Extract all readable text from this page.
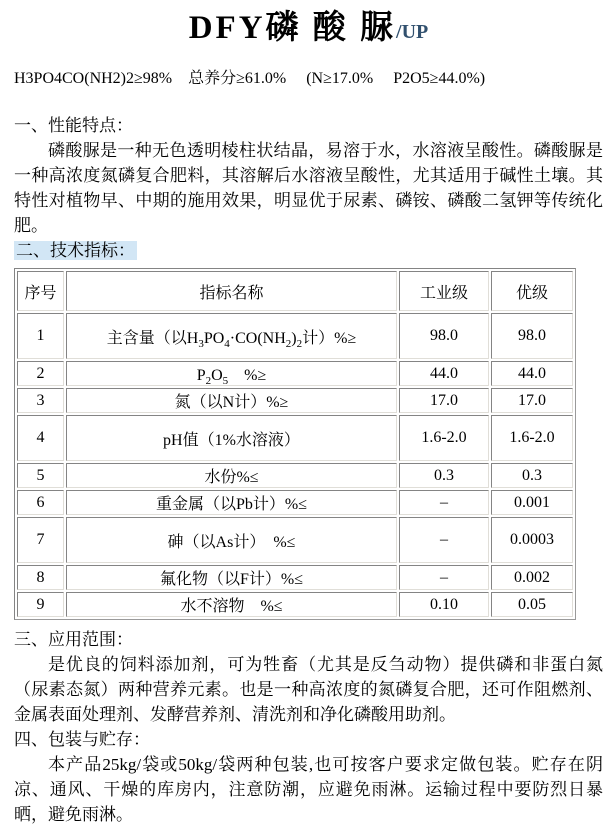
DFY磷 酸 脲/UP

H3PO4CO(NH2)2≥98%　总养分≥61.0%　 (N≥17.0%　 P2O5≥44.0%)

一、性能特点：

磷酸脲是一种无色透明棱柱状结晶，易溶于水，水溶液呈酸性。磷酸脲是一种高浓度氮磷复合肥料，其溶解后水溶液呈酸性，尤其适用于碱性土壤。其特性对植物早、中期的施用效果，明显优于尿素、磷铵、磷酸二氢钾等传统化肥。

二、技术指标：
序号	指标名称	工业级	优级
1	主含量（以$H_3PO_4\cdot CO(NH_2)_2$计）%≥	98.0	98.0
2	$P_2O_5$　%≥	44.0	44.0
3	氮（以N计）%≥	17.0	17.0
4	pH值（1%水溶液）	1.6-2.0	1.6-2.0
5	水份%≤	0.3	0.3
6	重金属（以Pb计）%≤	–	0.001
7	砷（以As计）　%≤	–	0.0003
8	氟化物（以F计）%≤	–	0.002
9	水不溶物　%≤	0.10	0.05
三、应用范围：

是优良的饲料添加剂，可为牲畜（尤其是反刍动物）提供磷和非蛋白氮（尿素态氮）两种营养元素。也是一种高浓度的氮磷复合肥，还可作阻燃剂、金属表面处理剂、发酵营养剂、清洗剂和净化磷酸用助剂。

四、包装与贮存：

本产品25kg/袋或50kg/袋两种包装,也可按客户要求定做包装。贮存在阴凉、通风、干燥的库房内，注意防潮，应避免雨淋。运输过程中要防烈日暴晒，避免雨淋。
